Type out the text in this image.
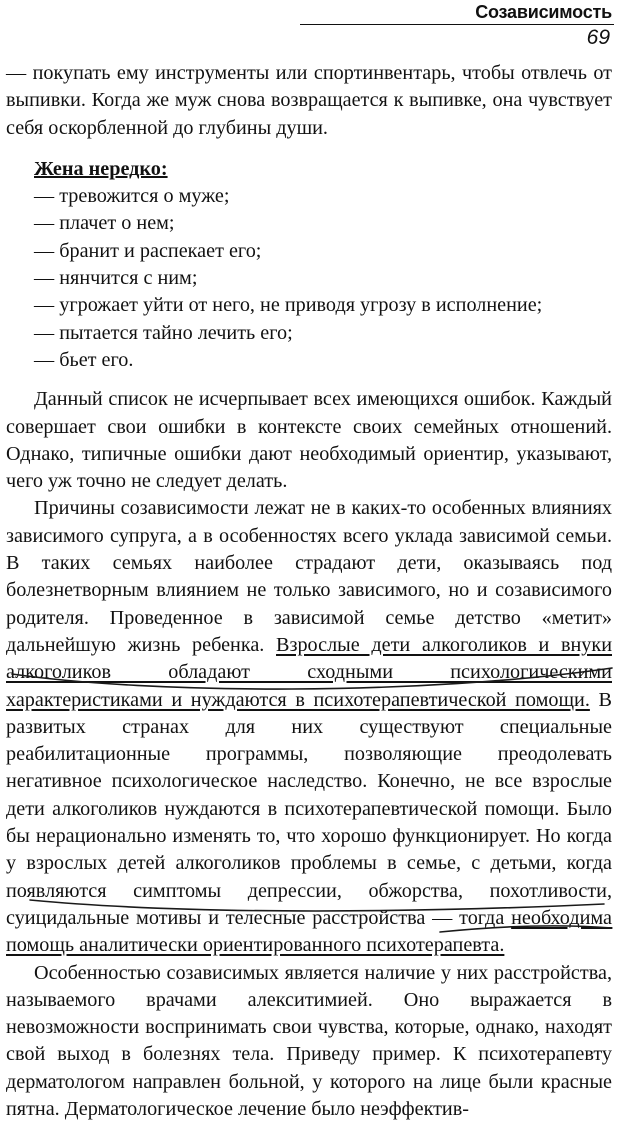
Созависимость
69

— покупать ему инструменты или спортинвентарь, чтобы отвлечь от выпивки. Когда же муж снова возвращается к выпивке, она чувствует себя оскорбленной до глубины души.

Жена нередко:
— тревожится о муже;
— плачет о нем;
— бранит и распекает его;
— нянчится с ним;
— угрожает уйти от него, не приводя угрозу в исполнение;
— пытается тайно лечить его;
— бьет его.

Данный список не исчерпывает всех имеющихся ошибок. Каждый совершает свои ошибки в контексте своих семейных отношений. Однако, типичные ошибки дают необходимый ориентир, указывают, чего уж точно не следует делать.

Причины созависимости лежат не в каких-то особенных влияниях зависимого супруга, а в особенностях всего уклада зависимой семьи. В таких семьях наиболее страдают дети, оказываясь под болезнетворным влиянием не только зависимого, но и созависимого родителя. Проведенное в зависимой семье детство «метит» дальнейшую жизнь ребенка. Взрослые дети алкоголиков и внуки алкоголиков обладают сходными психологическими характеристиками и нуждаются в психотерапевтической помощи. В развитых странах для них существуют специальные реабилитационные программы, позволяющие преодолевать негативное психологическое наследство. Конечно, не все взрослые дети алкоголиков нуждаются в психотерапевтической помощи. Было бы нерационально изменять то, что хорошо функционирует. Но когда у взрослых детей алкоголиков проблемы в семье, с детьми, когда появляются симптомы депрессии, обжорства, похотливости, суицидальные мотивы и телесные расстройства — тогда необходима помощь аналитически ориентированного психотерапевта.

Особенностью созависимых является наличие у них расстройства, называемого врачами алекситимией. Оно выражается в невозможности воспринимать свои чувства, которые, однако, находят свой выход в болезнях тела. Приведу пример. К психотерапевту дерматологом направлен больной, у которого на лице были красные пятна. Дерматологическое лечение было неэффектив-
